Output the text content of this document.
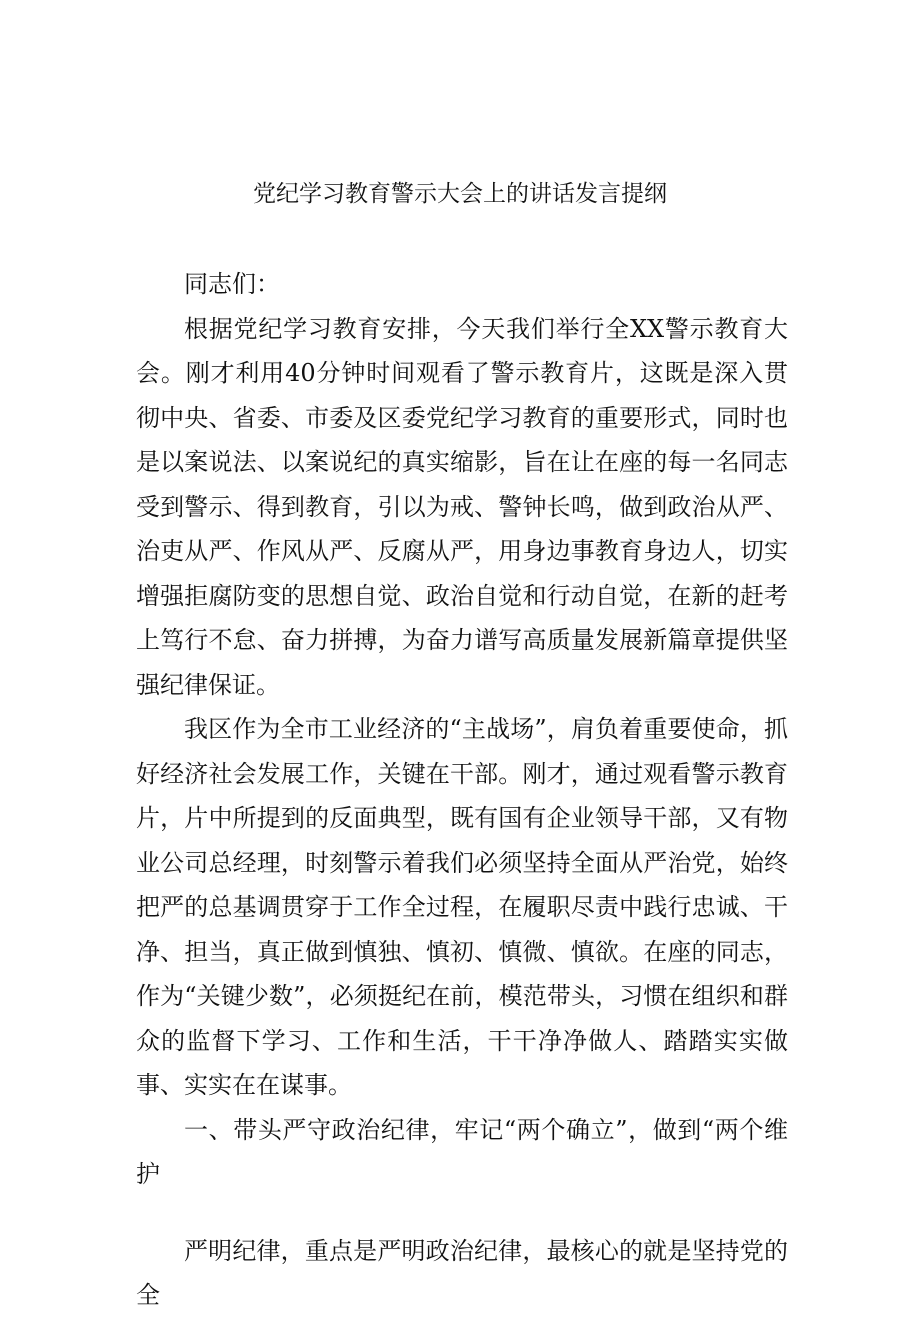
党纪学习教育警示大会上的讲话发言提纲

同志们：

根据党纪学习教育安排，今天我们举行全XX警示教育大会。刚才利用40分钟时间观看了警示教育片，这既是深入贯彻中央、省委、市委及区委党纪学习教育的重要形式，同时也是以案说法、以案说纪的真实缩影，旨在让在座的每一名同志受到警示、得到教育，引以为戒、警钟长鸣，做到政治从严、治吏从严、作风从严、反腐从严，用身边事教育身边人，切实增强拒腐防变的思想自觉、政治自觉和行动自觉，在新的赶考上笃行不怠、奋力拼搏，为奋力谱写高质量发展新篇章提供坚强纪律保证。

我区作为全市工业经济的“主战场”，肩负着重要使命，抓好经济社会发展工作，关键在干部。刚才，通过观看警示教育片，片中所提到的反面典型，既有国有企业领导干部，又有物业公司总经理，时刻警示着我们必须坚持全面从严治党，始终把严的总基调贯穿于工作全过程，在履职尽责中践行忠诚、干净、担当，真正做到慎独、慎初、慎微、慎欲。在座的同志，作为“关键少数”，必须挺纪在前，模范带头，习惯在组织和群众的监督下学习、工作和生活，干干净净做人、踏踏实实做事、实实在在谋事。

一、带头严守政治纪律，牢记“两个确立”，做到“两个维护

严明纪律，重点是严明政治纪律，最核心的就是坚持党的全
